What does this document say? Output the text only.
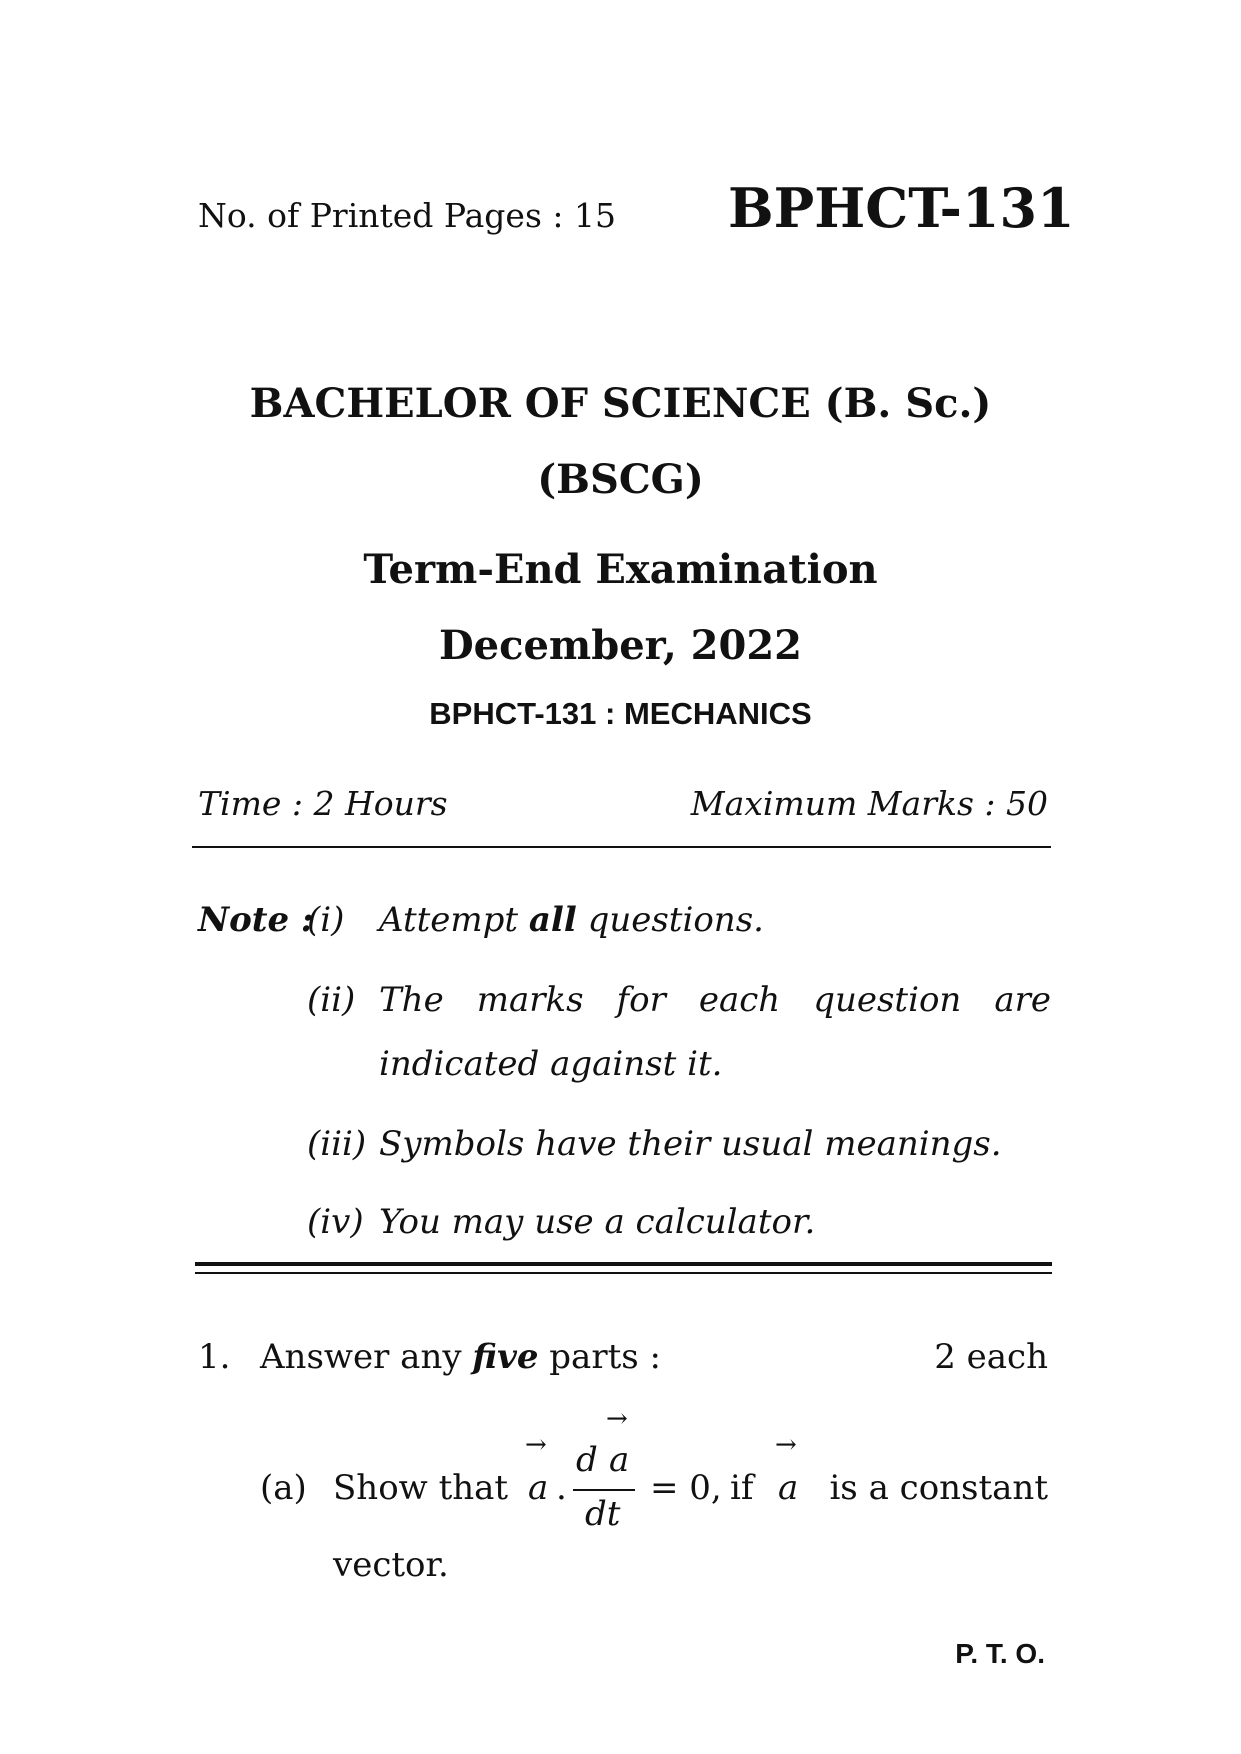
No. of Printed Pages : 15 BPHCT-131
BACHELOR OF SCIENCE (B. Sc.)
(BSCG)
Term-End Examination
December, 2022
BPHCT-131 : MECHANICS
Time : 2 Hours	Maximum Marks : 50
Note :
(i) Attempt all questions.
(ii) The marks for each question are
indicated against it.
(iii) Symbols have their usual meanings.
(iv) You may use a calculator.
1. Answer any five parts :	2 each
(a) Show that
→
a .
→
d a
dt
= 0, if
→
a is a constant
vector.
P. T. O.
